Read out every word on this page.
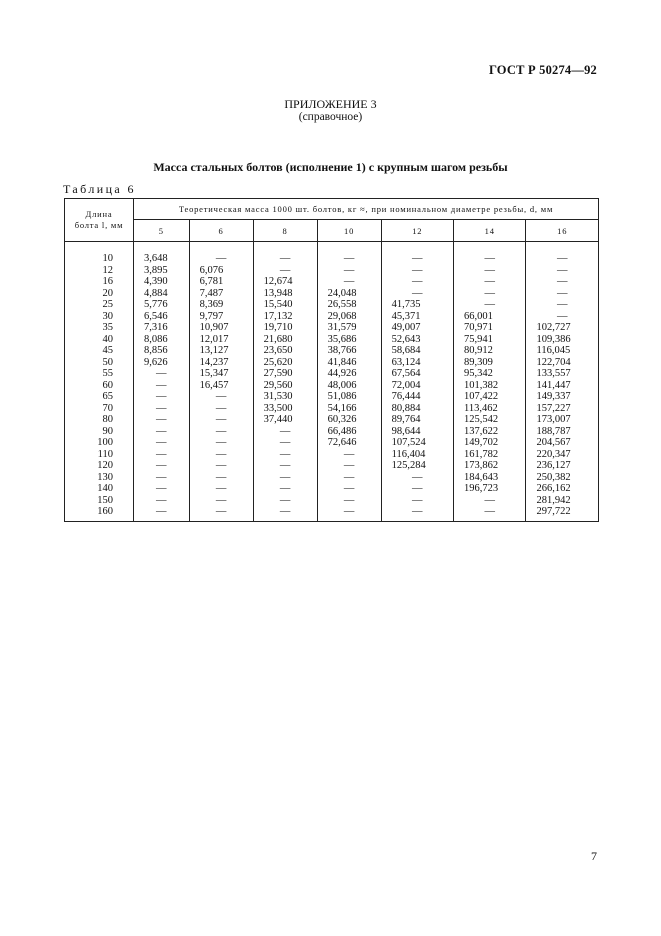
ГОСТ Р 50274—92
ПРИЛОЖЕНИЕ 3
(справочное)
Масса стальных болтов (исполнение 1) с крупным шагом резьбы
Таблица 6
Длина
болта l, мм	Теоретическая масса 1000 шт. болтов, кг ≈, при номинальном диаметре резьбы, d, мм						
	5	6	8	10	12	14	16

10	3,648	—	—	—	—	—	—
12	3,895	6,076	—	—	—	—	—
16	4,390	6,781	12,674	—	—	—	—
20	4,884	7,487	13,948	24,048	—	—	—
25	5,776	8,369	15,540	26,558	41,735	—	—
30	6,546	9,797	17,132	29,068	45,371	66,001	—
35	7,316	10,907	19,710	31,579	49,007	70,971	102,727
40	8,086	12,017	21,680	35,686	52,643	75,941	109,386
45	8,856	13,127	23,650	38,766	58,684	80,912	116,045
50	9,626	14,237	25,620	41,846	63,124	89,309	122,704
55	—	15,347	27,590	44,926	67,564	95,342	133,557
60	—	16,457	29,560	48,006	72,004	101,382	141,447
65	—	—	31,530	51,086	76,444	107,422	149,337
70	—	—	33,500	54,166	80,884	113,462	157,227
80	—	—	37,440	60,326	89,764	125,542	173,007
90	—	—	—	66,486	98,644	137,622	188,787
100	—	—	—	72,646	107,524	149,702	204,567
110	—	—	—	—	116,404	161,782	220,347
120	—	—	—	—	125,284	173,862	236,127
130	—	—	—	—	—	184,643	250,382
140	—	—	—	—	—	196,723	266,162
150	—	—	—	—	—	—	281,942
160	—	—	—	—	—	—	297,722
7
